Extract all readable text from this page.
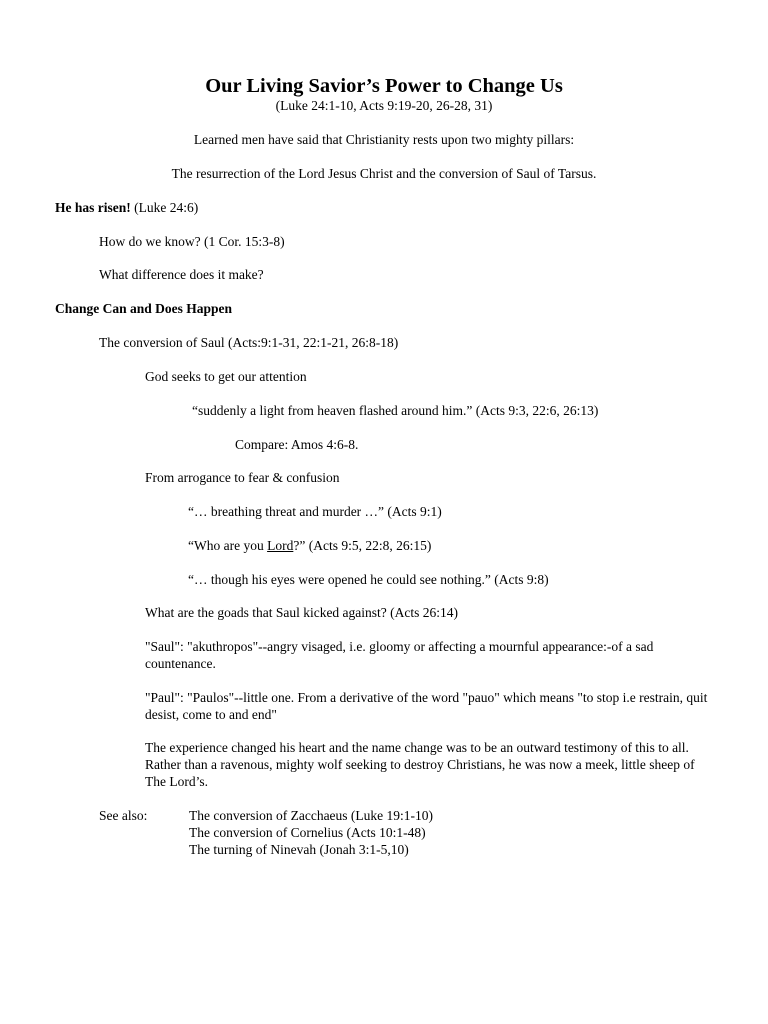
Our Living Savior’s Power to Change Us
(Luke 24:1-10, Acts 9:19-20, 26-28, 31)
Learned men have said that Christianity rests upon two mighty pillars:
The resurrection of the Lord Jesus Christ and the conversion of Saul of Tarsus.
He has risen! (Luke 24:6)
How do we know? (1 Cor. 15:3-8)
What difference does it make?
Change Can and Does Happen
The conversion of Saul (Acts:9:1-31, 22:1-21, 26:8-18)
God seeks to get our attention
“suddenly a light from heaven flashed around him.” (Acts 9:3, 22:6, 26:13)
Compare: Amos 4:6-8.
From arrogance to fear & confusion
“… breathing threat and murder …” (Acts 9:1)
“Who are you Lord?” (Acts 9:5, 22:8, 26:15)
“… though his eyes were opened he could see nothing.” (Acts 9:8)
What are the goads that Saul kicked against? (Acts 26:14)
"Saul": "akuthropos"--angry visaged, i.e. gloomy or affecting a mournful appearance:-of a sad countenance.
"Paul": "Paulos"--little one. From a derivative of the word "pauo" which means "to stop i.e restrain, quit desist, come to and end"
The experience changed his heart and the name change was to be an outward testimony of this to all. Rather than a ravenous, mighty wolf seeking to destroy Christians, he was now a meek, little sheep of The Lord’s.
See also:	The conversion of Zacchaeus (Luke 19:1-10)
The conversion of Cornelius (Acts 10:1-48)
The turning of Ninevah (Jonah 3:1-5,10)
